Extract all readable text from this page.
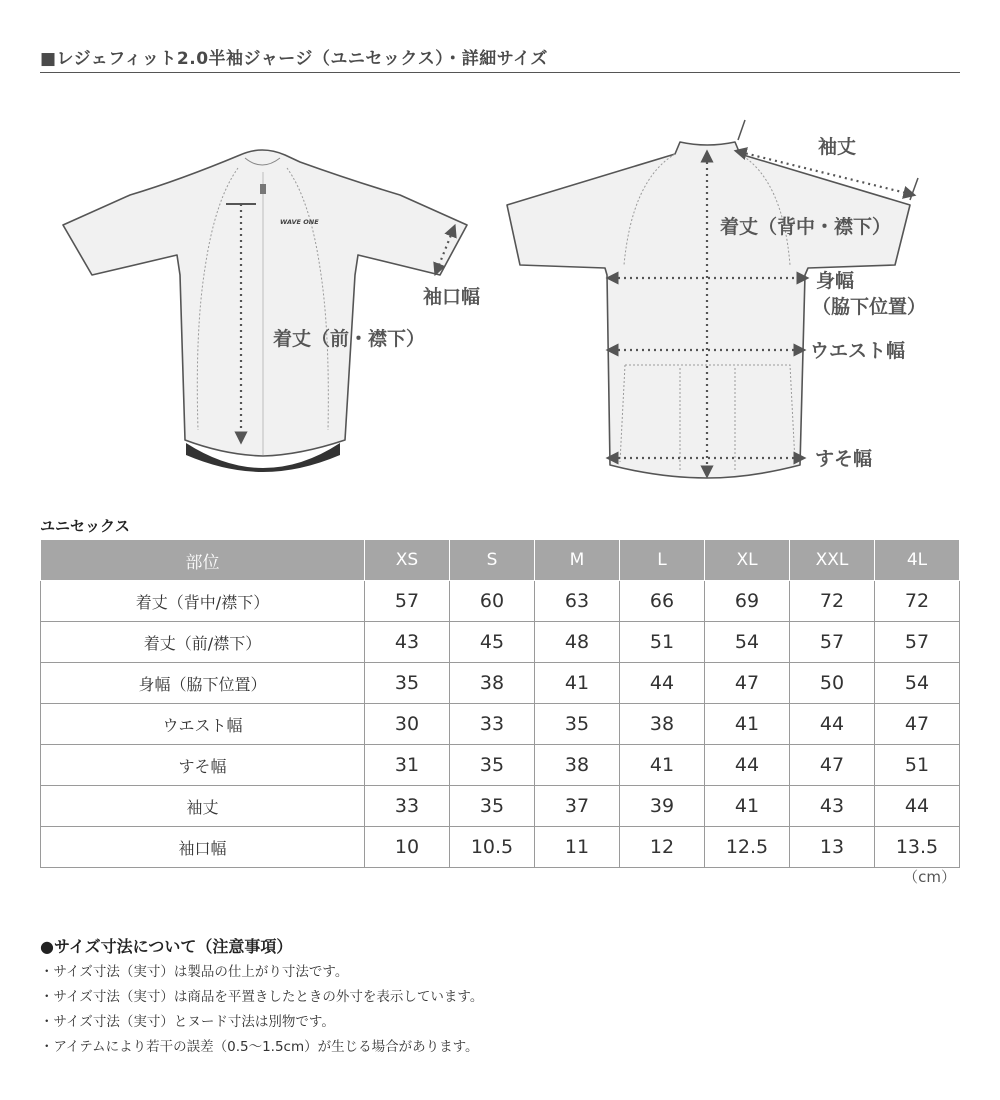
■レジェフィット2.0半袖ジャージ（ユニセックス）・詳細サイズ
WAVE ONE
袖口幅
着丈（前・襟下）
袖丈
着丈（背中・襟下）
身幅
（脇下位置）
ウエスト幅
すそ幅
ユニセックス
部位	XS	S	M	L	XL	XXL	4L
着丈（背中/襟下）	57	60	63	66	69	72	72
着丈（前/襟下）	43	45	48	51	54	57	57
身幅（脇下位置）	35	38	41	44	47	50	54
ウエスト幅	30	33	35	38	41	44	47
すそ幅	31	35	38	41	44	47	51
袖丈	33	35	37	39	41	43	44
袖口幅	10	10.5	11	12	12.5	13	13.5
（cm）
●サイズ寸法について（注意事項）
・サイズ寸法（実寸）は製品の仕上がり寸法です。
・サイズ寸法（実寸）は商品を平置きしたときの外寸を表示しています。
・サイズ寸法（実寸）とヌード寸法は別物です。
・アイテムにより若干の誤差（0.5〜1.5cm）が生じる場合があります。
